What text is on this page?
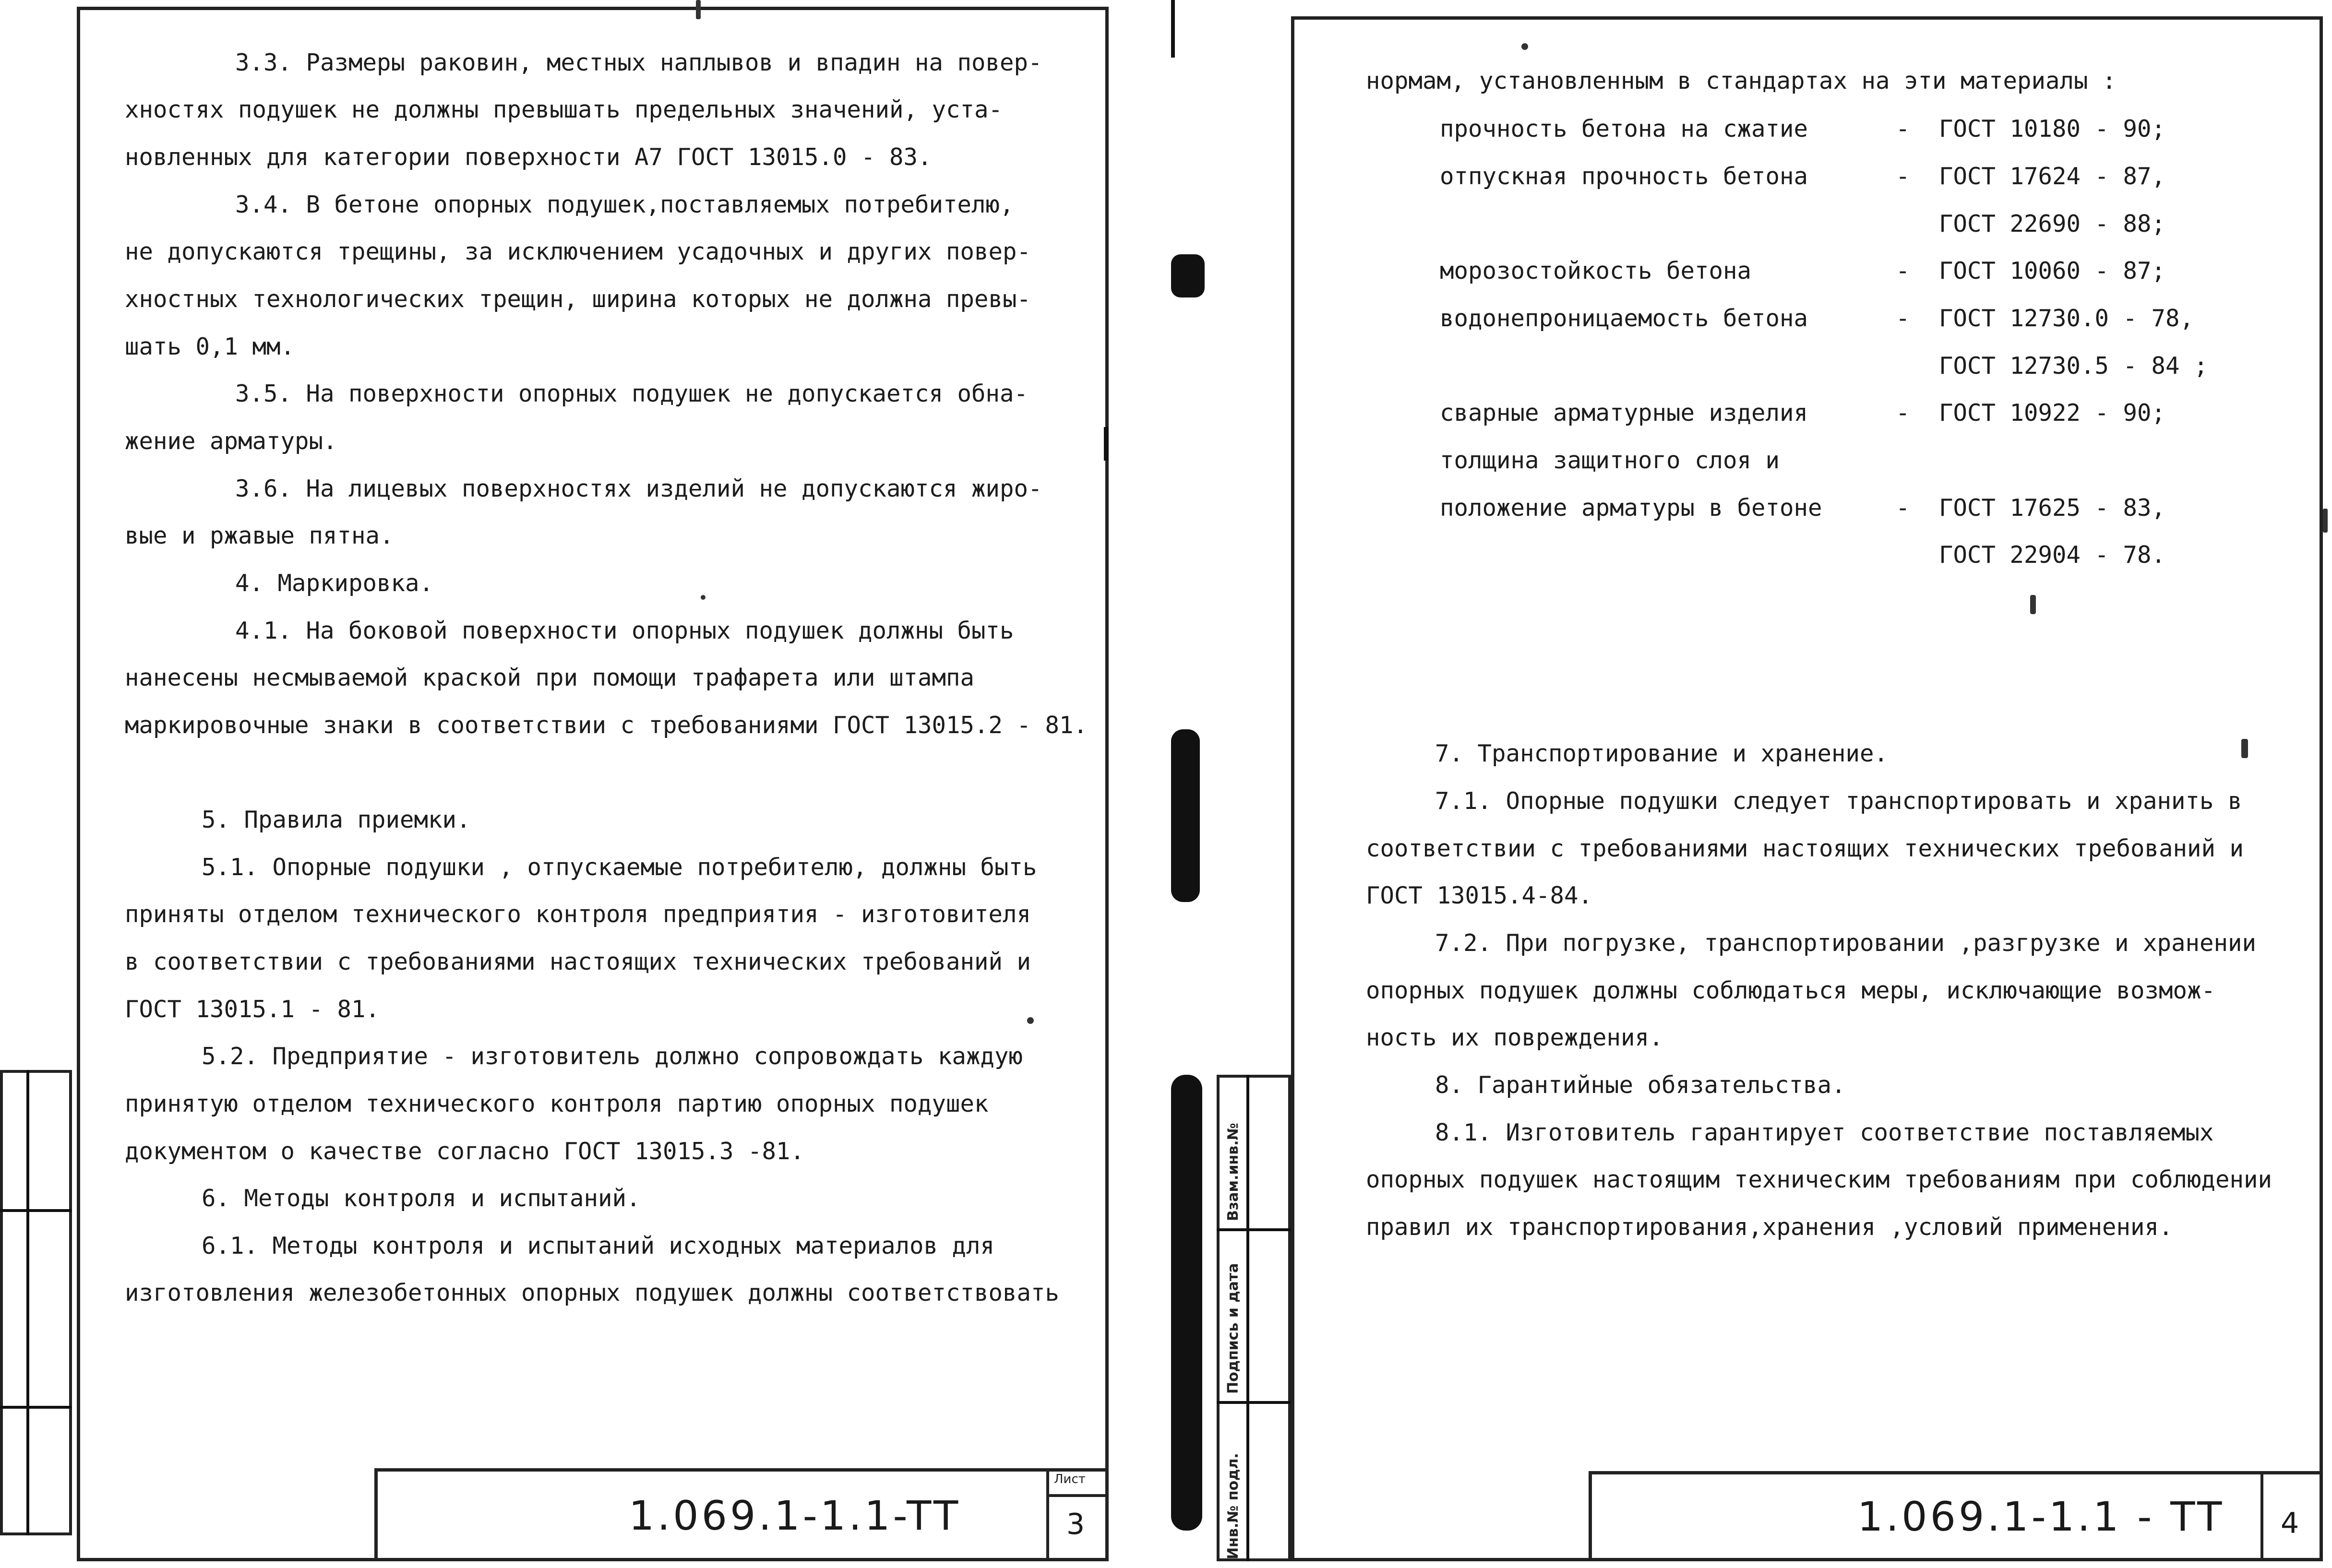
3.3. Размеры раковин, местных наплывов и впадин на повер-
хностях подушек не должны превышать предельных значений, уста-
новленных для категории поверхности А7 ГОСТ 13015.0 - 83.
3.4. В бетоне опорных подушек,поставляемых потребителю,
не допускаются трещины, за исключением усадочных и других повер-
хностных технологических трещин, ширина которых не должна превы-
шать 0,1 мм.
3.5. На поверхности опорных подушек не допускается обна-
жение арматуры.
3.6. На лицевых поверхностях изделий не допускаются жиро-
вые и ржавые пятна.
4. Маркировка.
4.1. На боковой поверхности опорных подушек должны быть
нанесены несмываемой краской при помощи трафарета или штампа
маркировочные знаки в соответствии с требованиями ГОСТ 13015.2 - 81.
5. Правила приемки.
5.1. Опорные подушки , отпускаемые потребителю, должны быть
приняты отделом технического контроля предприятия - изготовителя
в соответствии с требованиями настоящих технических требований и
ГОСТ 13015.1 - 81.
5.2. Предприятие - изготовитель должно сопровождать каждую
принятую отделом технического контроля партию опорных подушек
документом о качестве согласно ГОСТ 13015.3 -81.
6. Методы контроля и испытаний.
6.1. Методы контроля и испытаний исходных материалов для
изготовления железобетонных опорных подушек должны соответствовать
1.069.1-1.1-TT
Лист
3
нормам, установленным в стандартах на эти материалы :
прочность бетона на сжатие	- ГОСТ 10180 - 90;
отпускная прочность бетона	- ГОСТ 17624 - 87,
ГОСТ 22690 - 88;
морозостойкость бетона	- ГОСТ 10060 - 87;
водонепроницаемость бетона	- ГОСТ 12730.0 - 78,
ГОСТ 12730.5 - 84 ;
сварные арматурные изделия	- ГОСТ 10922 - 90;
толщина защитного слоя и
положение арматуры в бетоне	- ГОСТ 17625 - 83,
ГОСТ 22904 - 78.
7. Транспортирование и хранение.
7.1. Опорные подушки следует транспортировать и хранить в
соответствии с требованиями настоящих технических требований и
ГОСТ 13015.4-84.
7.2. При погрузке, транспортировании ,разгрузке и хранении
опорных подушек должны соблюдаться меры, исключающие возмож-
ность их повреждения.
8. Гарантийные обязательства.
8.1. Изготовитель гарантирует соответствие поставляемых
опорных подушек настоящим техническим требованиям при соблюдении
правил их транспортирования,хранения ,условий применения.
Инв.№ подл.
Подпись и дата
Взам.инв.№
1.069.1-1.1 - TT 4
